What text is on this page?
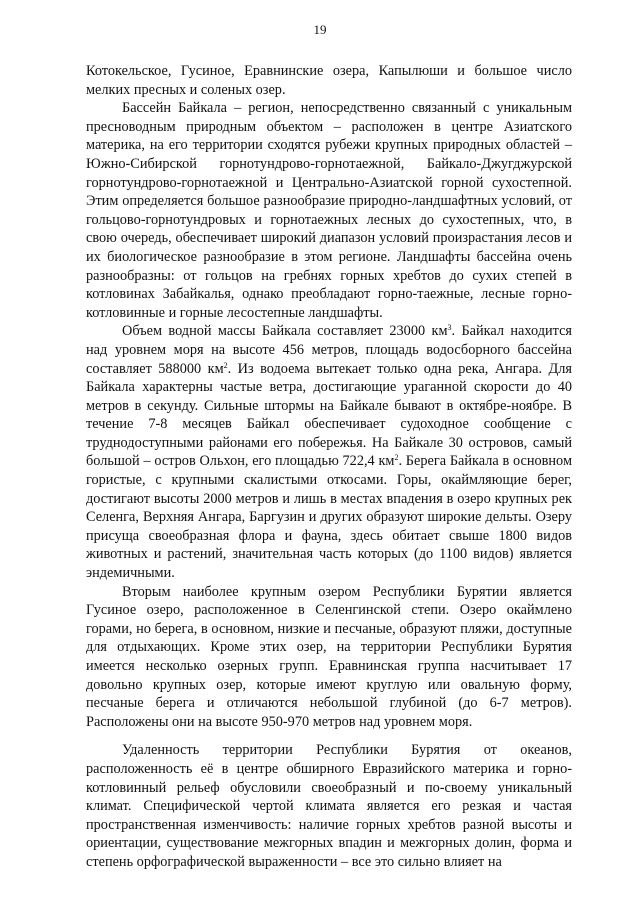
19

Котокельское, Гусиное, Еравнинские озера, Капылюши и большое число мелких пресных и соленых озер.

Бассейн Байкала – регион, непосредственно связанный с уникальным пресноводным природным объектом – расположен в центре Азиатского материка, на его территории сходятся рубежи крупных природных областей – Южно-Сибирской горнотундрово-горнотаежной, Байкало-Джугджурской горнотундрово-горнотаежной и Центрально-Азиатской горной сухостепной. Этим определяется большое разнообразие природно-ландшафтных условий, от гольцово-горнотундровых и горнотаежных лесных до сухостепных, что, в свою очередь, обеспечивает широкий диапазон условий произрастания лесов и их биологическое разнообразие в этом регионе. Ландшафты бассейна очень разнообразны: от гольцов на гребнях горных хребтов до сухих степей в котловинах Забайкалья, однако преобладают горно-таежные, лесные горно-котловинные и горные лесостепные ландшафты.

Объем водной массы Байкала составляет 23000 $км^3$. Байкал находится над уровнем моря на высоте 456 метров, площадь водосборного бассейна составляет 588000 $км^2$. Из водоема вытекает только одна река, Ангара. Для Байкала характерны частые ветра, достигающие ураганной скорости до 40 метров в секунду. Сильные штормы на Байкале бывают в октябре-ноябре. В течение 7-8 месяцев Байкал обеспечивает судоходное сообщение с труднодоступными районами его побережья. На Байкале 30 островов, самый большой – остров Ольхон, его площадью 722,4 $км^2$. Берега Байкала в основном гористые, с крупными скалистыми откосами. Горы, окаймляющие берег, достигают высоты 2000 метров и лишь в местах впадения в озеро крупных рек Селенга, Верхняя Ангара, Баргузин и других образуют широкие дельты. Озеру присуща своеобразная флора и фауна, здесь обитает свыше 1800 видов животных и растений, значительная часть которых (до 1100 видов) является эндемичными.

Вторым наиболее крупным озером Республики Бурятии является Гусиное озеро, расположенное в Селенгинской степи. Озеро окаймлено горами, но берега, в основном, низкие и песчаные, образуют пляжи, доступные для отдыхающих. Кроме этих озер, на территории Республики Бурятия имеется несколько озерных групп. Еравнинская группа насчитывает 17 довольно крупных озер, которые имеют круглую или овальную форму, песчаные берега и отличаются небольшой глубиной (до 6-7 метров). Расположены они на высоте 950-970 метров над уровнем моря.

Удаленность территории Республики Бурятия от океанов, расположенность её в центре обширного Евразийского материка и горно-котловинный рельеф обусловили своеобразный и по-своему уникальный климат. Специфической чертой климата является его резкая и частая пространственная изменчивость: наличие горных хребтов разной высоты и ориентации, существование межгорных впадин и межгорных долин, форма и степень орфографической выраженности – все это сильно влияет на
